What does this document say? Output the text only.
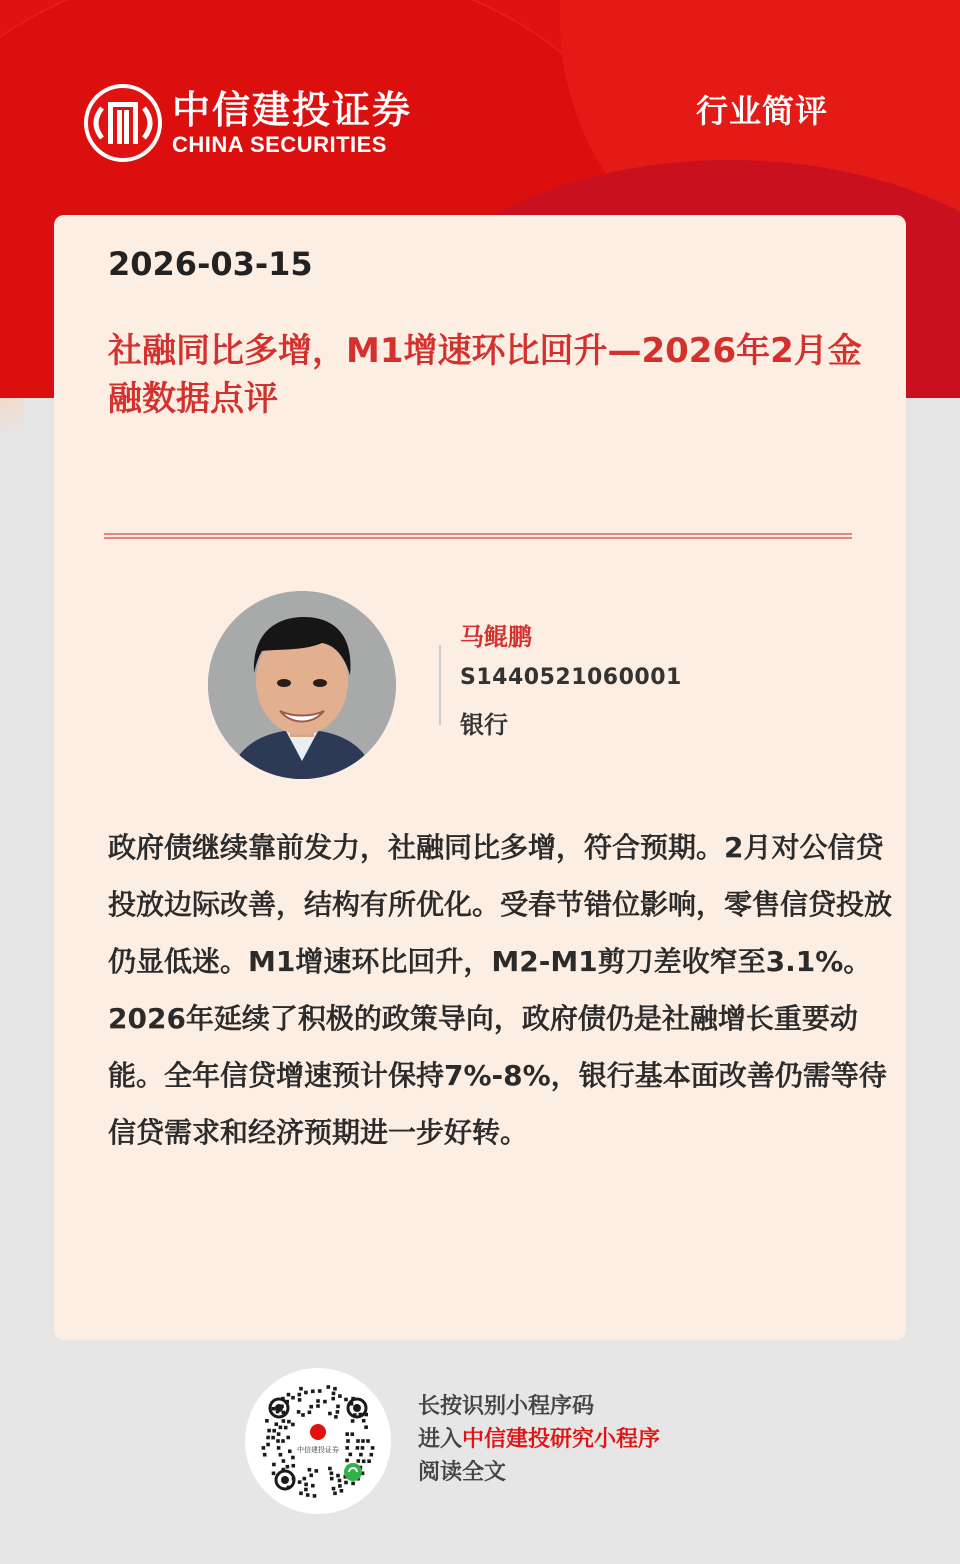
中信建投证券
CHINA SECURITIES
行业简评
2026-03-15
社融同比多增，M1增速环比回升—2026年2月金融数据点评
马鲲鹏
S1440521060001
银行
政府债继续靠前发力，社融同比多增，符合预期。2月对公信贷投放边际改善，结构有所优化。受春节错位影响，零售信贷投放仍显低迷。M1增速环比回升，M2-M1剪刀差收窄至3.1%。2026年延续了积极的政策导向，政府债仍是社融增长重要动能。全年信贷增速预计保持7%-8%，银行基本面改善仍需等待信贷需求和经济预期进一步好转。
中信建投证券
长按识别小程序码
进入中信建投研究小程序
阅读全文
